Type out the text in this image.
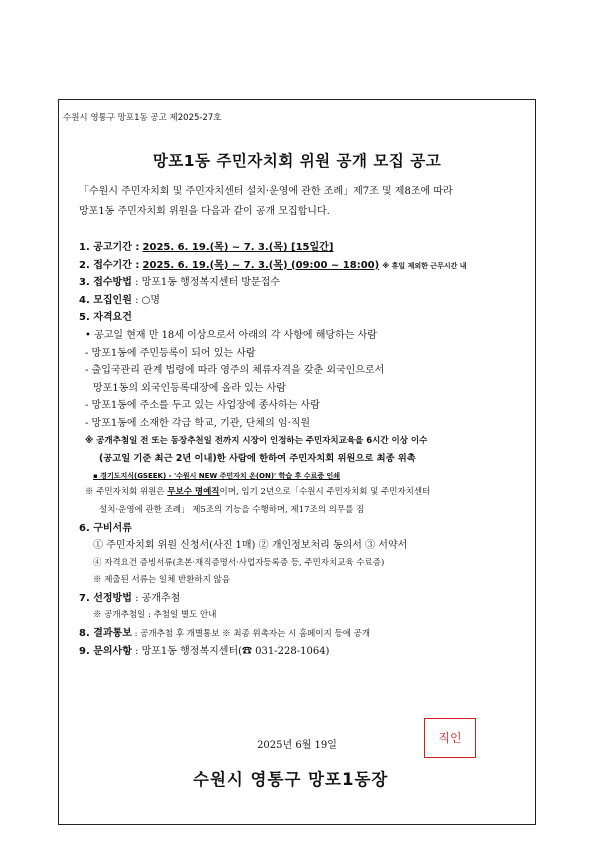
수원시 영통구 망포1동 공고 제2025-27호
망포1동 주민자치회 위원 공개 모집 공고
「수원시 주민자치회 및 주민자치센터 설치·운영에 관한 조례」제7조 및 제8조에 따라
망포1동 주민자치회 위원을 다음과 같이 공개 모집합니다.
1. 공고기간 : 2025. 6. 19.(목) ~ 7. 3.(목) [15일간]
2. 접수기간 : 2025. 6. 19.(목) ~ 7. 3.(목) (09:00 ~ 18:00) ※ 휴일 제외한 근무시간 내
3. 접수방법 : 망포1동 행정복지센터 방문접수
4. 모집인원 : ○명
5. 자격요건
• 공고일 현재 만 18세 이상으로서 아래의 각 사항에 해당하는 사람
- 망포1동에 주민등록이 되어 있는 사람
- 출입국관리 관계 법령에 따라 영주의 체류자격을 갖춘 외국인으로서
망포1동의 외국인등록대장에 올라 있는 사람
- 망포1동에 주소를 두고 있는 사업장에 종사하는 사람
- 망포1동에 소재한 각급 학교, 기관, 단체의 임·직원
※ 공개추첨일 전 또는 동장추천일 전까지 시장이 인정하는 주민자치교육을 6시간 이상 이수
(공고일 기준 최근 2년 이내)한 사람에 한하여 주민자치회 위원으로 최종 위촉
▪ 경기도지식(GSEEK) - '수원시 NEW 주민자치 온(ON)' 학습 후 수료증 인쇄
※ 주민자치회 위원은 무보수 명예직이며, 임기 2년으로「수원시 주민자치회 및 주민자치센터
설치·운영에 관한 조례」 제5조의 기능을 수행하며, 제17조의 의무를 짐
6. 구비서류
① 주민자치회 위원 신청서(사진 1매) ② 개인정보처리 동의서 ③ 서약서
④ 자격요건 증빙서류(초본·재직증명서·사업자등록증 등, 주민자치교육 수료증)
※ 제출된 서류는 일체 반환하지 않음
7. 선정방법 : 공개추첨
※ 공개추첨일 : 추첨일 별도 안내
8. 결과통보 : 공개추첨 후 개별통보 ※ 최종 위촉자는 시 홈페이지 등에 공개
9. 문의사항 : 망포1동 행정복지센터(☎ 031-228-1064)
2025년 6월 19일
수원시 영통구 망포1동장
직인
